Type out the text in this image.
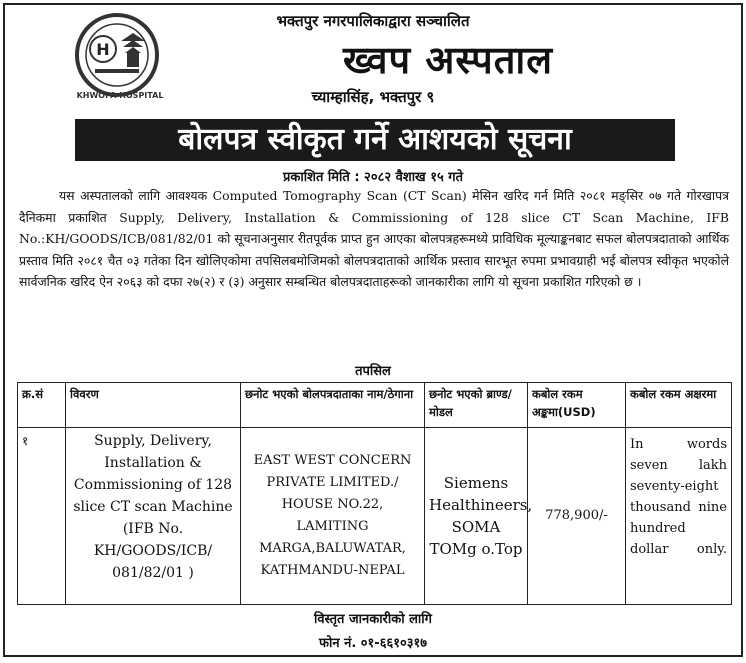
H
KHWOPA HOSPITAL
भक्तपुर नगरपालिकाद्वारा सञ्चालित
ख्वप अस्पताल
च्याम्हासिंह, भक्तपुर ९
बोलपत्र स्वीकृत गर्ने आशयको सूचना
प्रकाशित मिति : २०८२ वैशाख १५ गते
यस अस्पतालको लागि आवश्यक Computed Tomography Scan (CT Scan) मेसिन खरिद गर्न मिति २०८१ मङ्सिर ०७ गते गोरखापत्र दैनिकमा प्रकाशित Supply, Delivery, Installation & Commissioning of 128 slice CT Scan Machine, IFB No.:KH/GOODS/ICB/081/82/01 को सूचनाअनुसार रीतपूर्वक प्राप्त हुन आएका बोलपत्रहरूमध्ये प्राविधिक मूल्याङ्कनबाट सफल बोलपत्रदाताको आर्थिक प्रस्ताव मिति २०८१ चैत ०३ गतेका दिन खोलिएकोमा तपसिलबमोजिमको बोलपत्रदाताको आर्थिक प्रस्ताव सारभूत रुपमा प्रभावग्राही भई बोलपत्र स्वीकृत भएकोले सार्वजनिक खरिद ऐन २०६३ को दफा २७(२) र (३) अनुसार सम्बन्धित बोलपत्रदाताहरूको जानकारीका लागि यो सूचना प्रकाशित गरिएको छ ।
तपसिल
क्र.सं	विवरण	छनोट भएको बोलपत्रदाताका नाम/ठेगाना	छनोट भएको ब्राण्ड/मोडल	कबोल रकम अङ्कमा(USD)	कबोल रकम अक्षरमा
१	Supply, Delivery, Installation & Commissioning of 128 slice CT scan Machine (IFB No. KH/GOODS/ICB/ 081/82/01 )	EAST WEST CONCERN PRIVATE LIMITED./ HOUSE NO.22, LAMITING MARGA,BALUWATAR, KATHMANDU-NEPAL	Siemens Healthineers, SOMA TOMg o.Top	778,900/-	In words seven lakh seventy-eight thousand nine hundred dollar only.
विस्तृत जानकारीको लागि
फोन नं. ०१-६६१०३१७
